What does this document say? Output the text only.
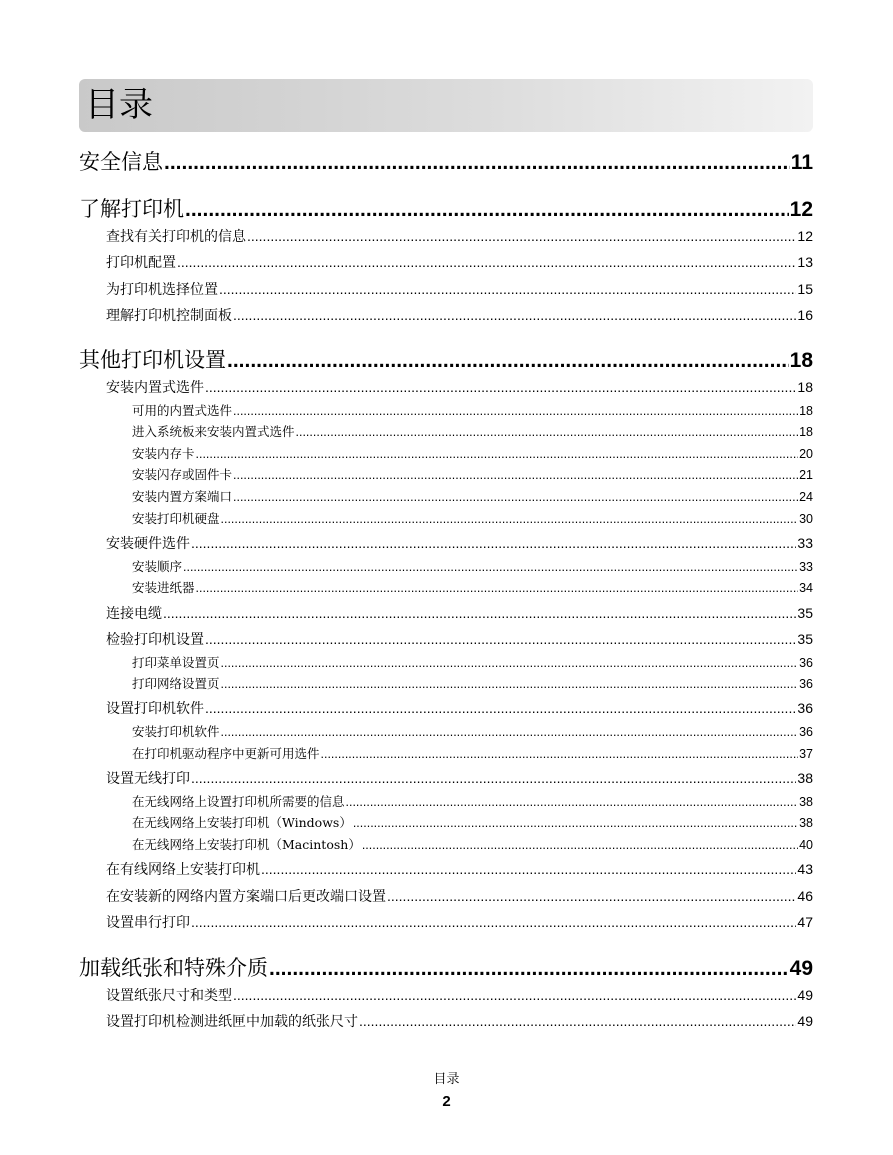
目录
安全信息 .....	11
了解打印机 .....	12
查找有关打印机的信息 .....	12
打印机配置 .....	13
为打印机选择位置 .....	15
理解打印机控制面板 .....	16
其他打印机设置 .....	18
安装内置式选件 .....	18
可用的内置式选件 .....	18
进入系统板来安装内置式选件 .....	18
安装内存卡 .....	20
安装闪存或固件卡 .....	21
安装内置方案端口 .....	24
安装打印机硬盘 .....	30
安装硬件选件 .....	33
安装顺序 .....	33
安装进纸器 .....	34
连接电缆 .....	35
检验打印机设置 .....	35
打印菜单设置页 .....	36
打印网络设置页 .....	36
设置打印机软件 .....	36
安装打印机软件 .....	36
在打印机驱动程序中更新可用选件 .....	37
设置无线打印 .....	38
在无线网络上设置打印机所需要的信息 .....	38
在无线网络上安装打印机（Windows） .....	38
在无线网络上安装打印机（Macintosh） .....	40
在有线网络上安装打印机 .....	43
在安装新的网络内置方案端口后更改端口设置 .....	46
设置串行打印 .....	47
加载纸张和特殊介质 .....	49
设置纸张尺寸和类型 .....	49
设置打印机检测进纸匣中加载的纸张尺寸 .....	49
目录
2
